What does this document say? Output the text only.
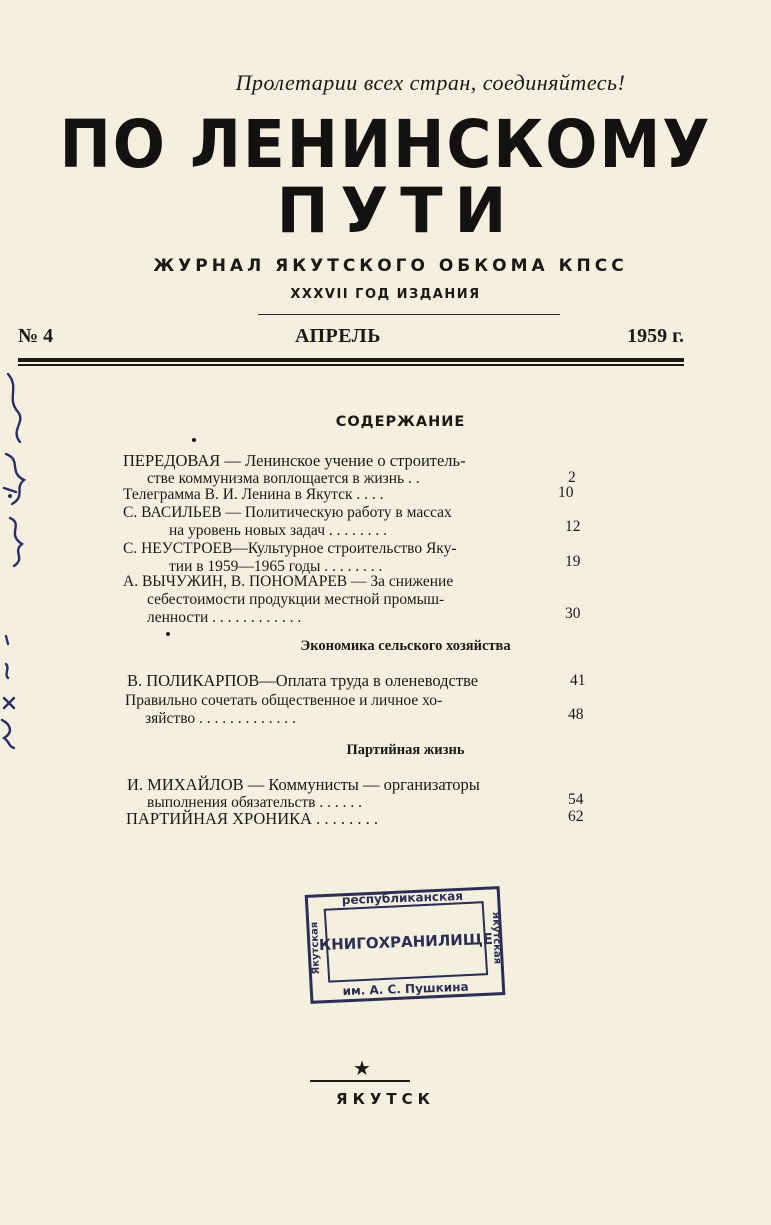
Пролетарии всех стран, соединяйтесь!
ПО ЛЕНИНСКОМУ
ПУТИ
ЖУРНАЛ ЯКУТСКОГО ОБКОМА КПСС
XXXVII ГОД ИЗДАНИЯ
№ 4	АПРЕЛЬ	1959 г.
СОДЕРЖАНИЕ
ПЕРЕДОВАЯ — Ленинское учение о строитель-
стве коммунизма воплощается в жизнь . .	2
Телеграмма В. И. Ленина в Якутск . . . .	10
С. ВАСИЛЬЕВ — Политическую работу в массах
на уровень новых задач . . . . . . . .	12
С. НЕУСТРОЕВ—Культурное строительство Яку-
тии в 1959—1965 годы . . . . . . . .	19
А. ВЫЧУЖИН, В. ПОНОМАРЕВ — За снижение
себестоимости продукции местной промыш-
ленности . . . . . . . . . . . .	30
Экономика сельского хозяйства
В. ПОЛИКАРПОВ—Оплата труда в оленеводстве	41
Правильно сочетать общественное и личное хо-
зяйство . . . . . . . . . . . . .	48
Партийная жизнь
И. МИХАЙЛОВ — Коммунисты — организаторы
выполнения обязательств . . . . . .	54
ПАРТИЙНАЯ ХРОНИКА . . . . . . . .	62
республиканская
КНИГОХРАНИЛИЩЕ
им. А. С. Пушкина
Якутская	Якутская
★
ЯКУТСК
